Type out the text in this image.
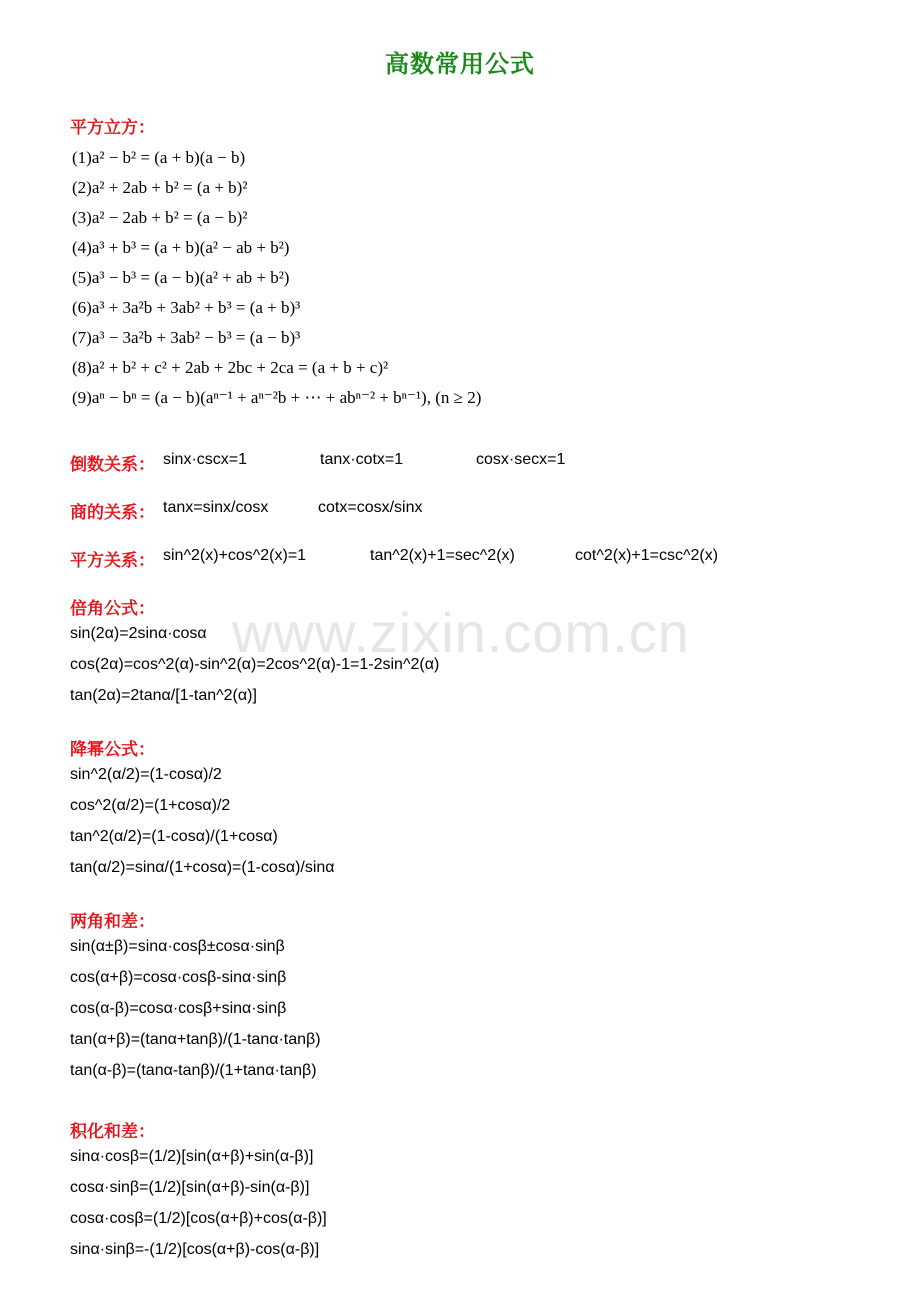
www.zixin.com.cn
高数常用公式
平方立方：
(1)a² − b² = (a + b)(a − b)
(2)a² + 2ab + b² = (a + b)²
(3)a² − 2ab + b² = (a − b)²
(4)a³ + b³ = (a + b)(a² − ab + b²)
(5)a³ − b³ = (a − b)(a² + ab + b²)
(6)a³ + 3a²b + 3ab² + b³ = (a + b)³
(7)a³ − 3a²b + 3ab² − b³ = (a − b)³
(8)a² + b² + c² + 2ab + 2bc + 2ca = (a + b + c)²
(9)aⁿ − bⁿ = (a − b)(aⁿ⁻¹ + aⁿ⁻²b + ⋯ + abⁿ⁻² + bⁿ⁻¹), (n ≥ 2)
倒数关系： sinx·cscx=1	tanx·cotx=1	cosx·secx=1
商的关系： tanx=sinx/cosx	cotx=cosx/sinx
平方关系： sin^2(x)+cos^2(x)=1	tan^2(x)+1=sec^2(x)	cot^2(x)+1=csc^2(x)
倍角公式：
sin(2α)=2sinα·cosα
cos(2α)=cos^2(α)-sin^2(α)=2cos^2(α)-1=1-2sin^2(α)
tan(2α)=2tanα/[1-tan^2(α)]
降幂公式：
sin^2(α/2)=(1-cosα)/2
cos^2(α/2)=(1+cosα)/2
tan^2(α/2)=(1-cosα)/(1+cosα)
tan(α/2)=sinα/(1+cosα)=(1-cosα)/sinα
两角和差：
sin(α±β)=sinα·cosβ±cosα·sinβ
cos(α+β)=cosα·cosβ-sinα·sinβ
cos(α-β)=cosα·cosβ+sinα·sinβ
tan(α+β)=(tanα+tanβ)/(1-tanα·tanβ)
tan(α-β)=(tanα-tanβ)/(1+tanα·tanβ)
积化和差：
sinα·cosβ=(1/2)[sin(α+β)+sin(α-β)]
cosα·sinβ=(1/2)[sin(α+β)-sin(α-β)]
cosα·cosβ=(1/2)[cos(α+β)+cos(α-β)]
sinα·sinβ=-(1/2)[cos(α+β)-cos(α-β)]
